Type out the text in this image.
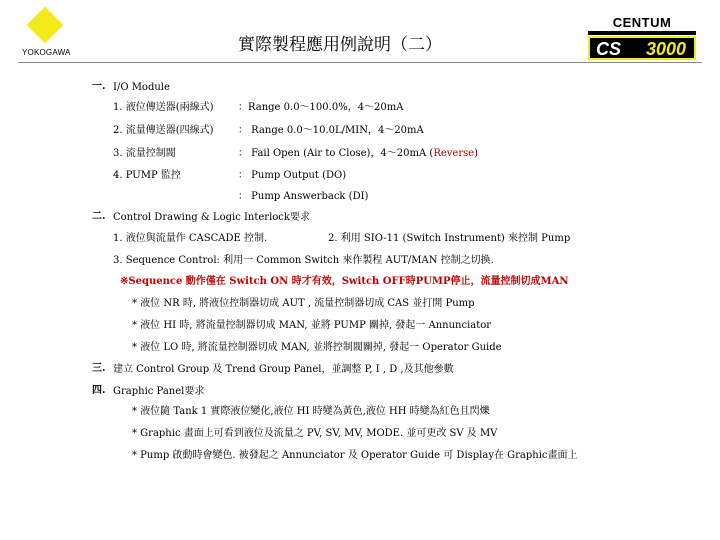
YOKOGAWA	實際製程應用例說明（二）
CENTUM
CS 3000
一. I/O Module
1. 液位傳送器(兩線式) ：Range 0.0～100.0%，4～20mA
2. 流量傳送器(四線式) ： Range 0.0～10.0L/MIN，4～20mA
3. 流量控制閥	： Fail Open (Air to Close)，4～20mA (Reverse)
4. PUMP 監控	： Pump Output (DO)
： Pump Answerback (DI)
二. Control Drawing & Logic Interlock要求
1. 液位與流量作 CASCADE 控制.	2. 利用 SIO-11 (Switch Instrument) 來控制 Pump
3. Sequence Control: 利用一 Common Switch 來作製程 AUT/MAN 控制之切換.
※Sequence 動作僅在 Switch ON 時才有效，Switch OFF時PUMP停止，流量控制切成MAN
* 液位 NR 時, 將液位控制器切成 AUT , 流量控制器切成 CAS 並打開 Pump
* 液位 HI 時, 將流量控制器切成 MAN, 並將 PUMP 關掉, 發起一 Annunciator
* 液位 LO 時, 將流量控制器切成 MAN, 並將控制閥關掉, 發起一 Operator Guide
三. 建立 Control Group 及 Trend Group Panel，並調整 P, I , D ,及其他參數
四. Graphic Panel要求
* 液位隨 Tank 1 實際液位變化,液位 HI 時變為黃色,液位 HH 時變為紅色且閃爍
* Graphic 畫面上可看到液位及流量之 PV, SV, MV, MODE. 並可更改 SV 及 MV
* Pump 啟動時會變色. 被發起之 Annunciator 及 Operator Guide 可 Display在 Graphic畫面上
